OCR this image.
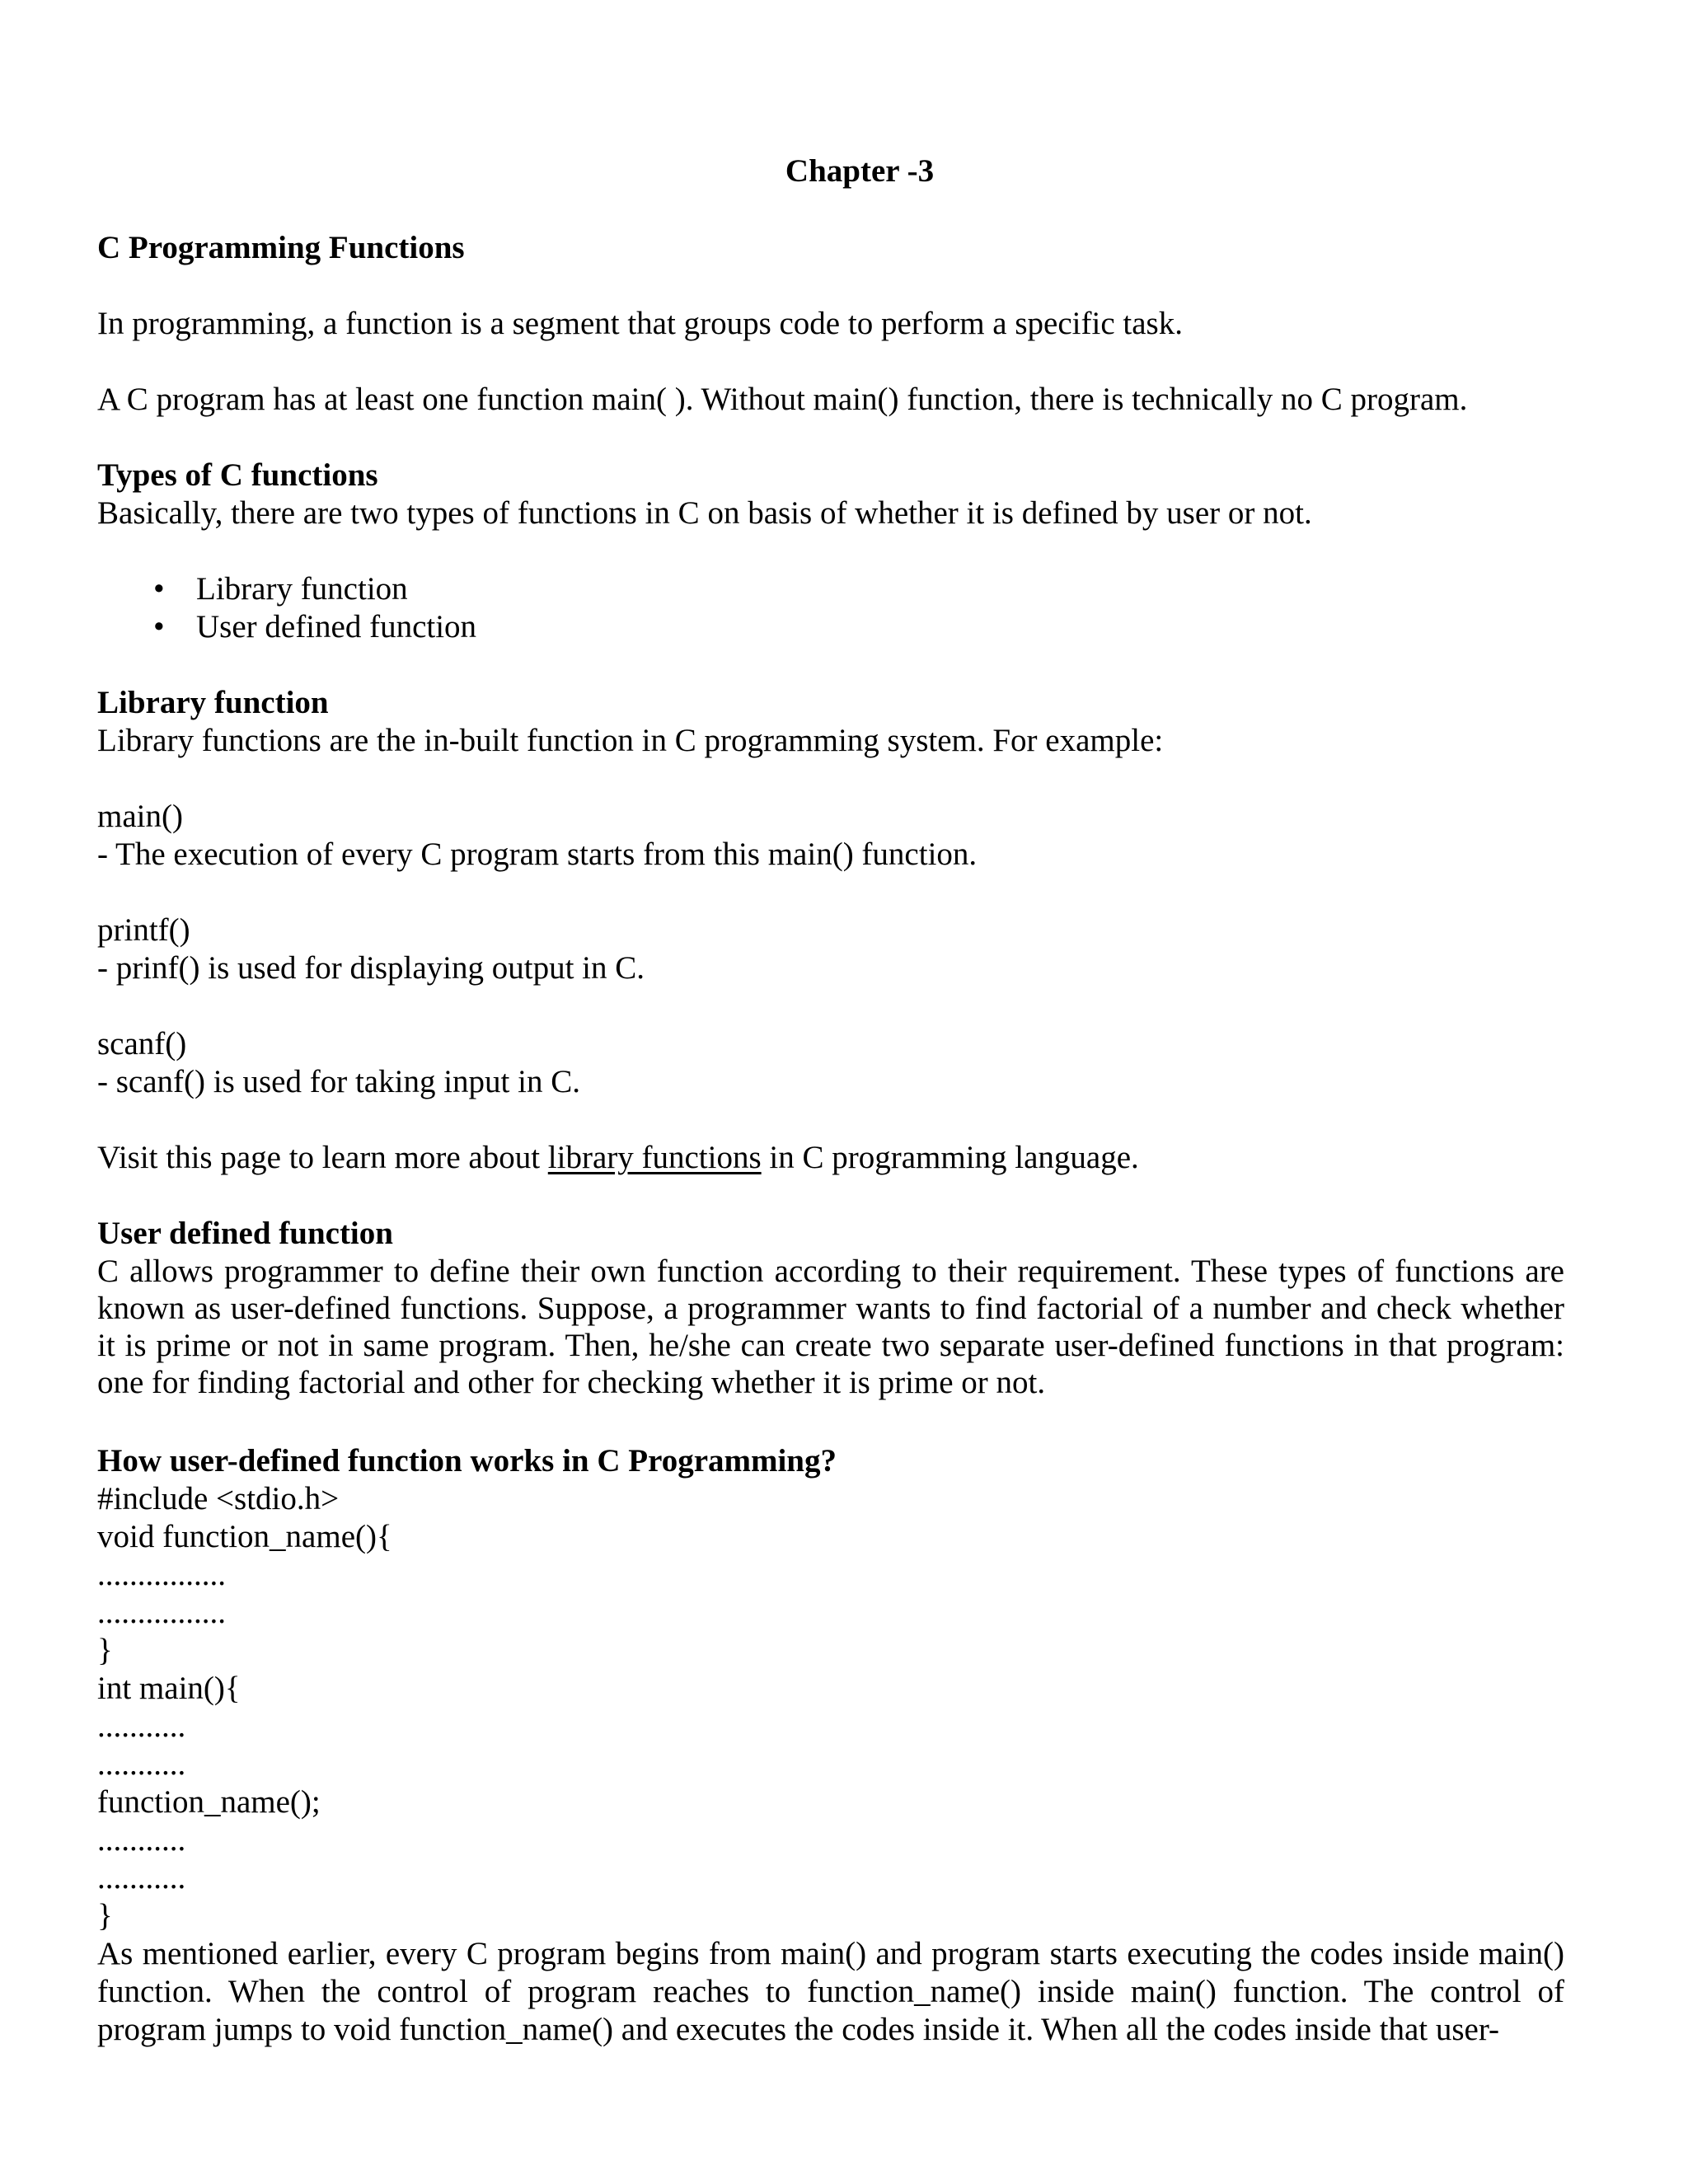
Chapter -3
C Programming Functions
In programming, a function is a segment that groups code to perform a specific task.
A C program has at least one function main( ). Without main() function, there is technically no C program.
Types of C functions
Basically, there are two types of functions in C on basis of whether it is defined by user or not.
• Library function
• User defined function
Library function
Library functions are the in-built function in C programming system. For example:
main()
- The execution of every C program starts from this main() function.
printf()
- prinf() is used for displaying output in C.
scanf()
- scanf() is used for taking input in C.
Visit this page to learn more about library functions in C programming language.
User defined function
C allows programmer to define their own function according to their requirement. These types of functions are known as user-defined functions. Suppose, a programmer wants to find factorial of a number and check whether it is prime or not in same program. Then, he/she can create two separate user-defined functions in that program: one for finding factorial and other for checking whether it is prime or not.
How user-defined function works in C Programming?
#include <stdio.h>
void function_name(){
................
................
}
int main(){
...........
...........
function_name();
...........
...........
}
As mentioned earlier, every C program begins from main() and program starts executing the codes inside main() function. When the control of program reaches to function_name() inside main() function. The control of program jumps to void function_name() and executes the codes inside it. When all the codes inside that user-
